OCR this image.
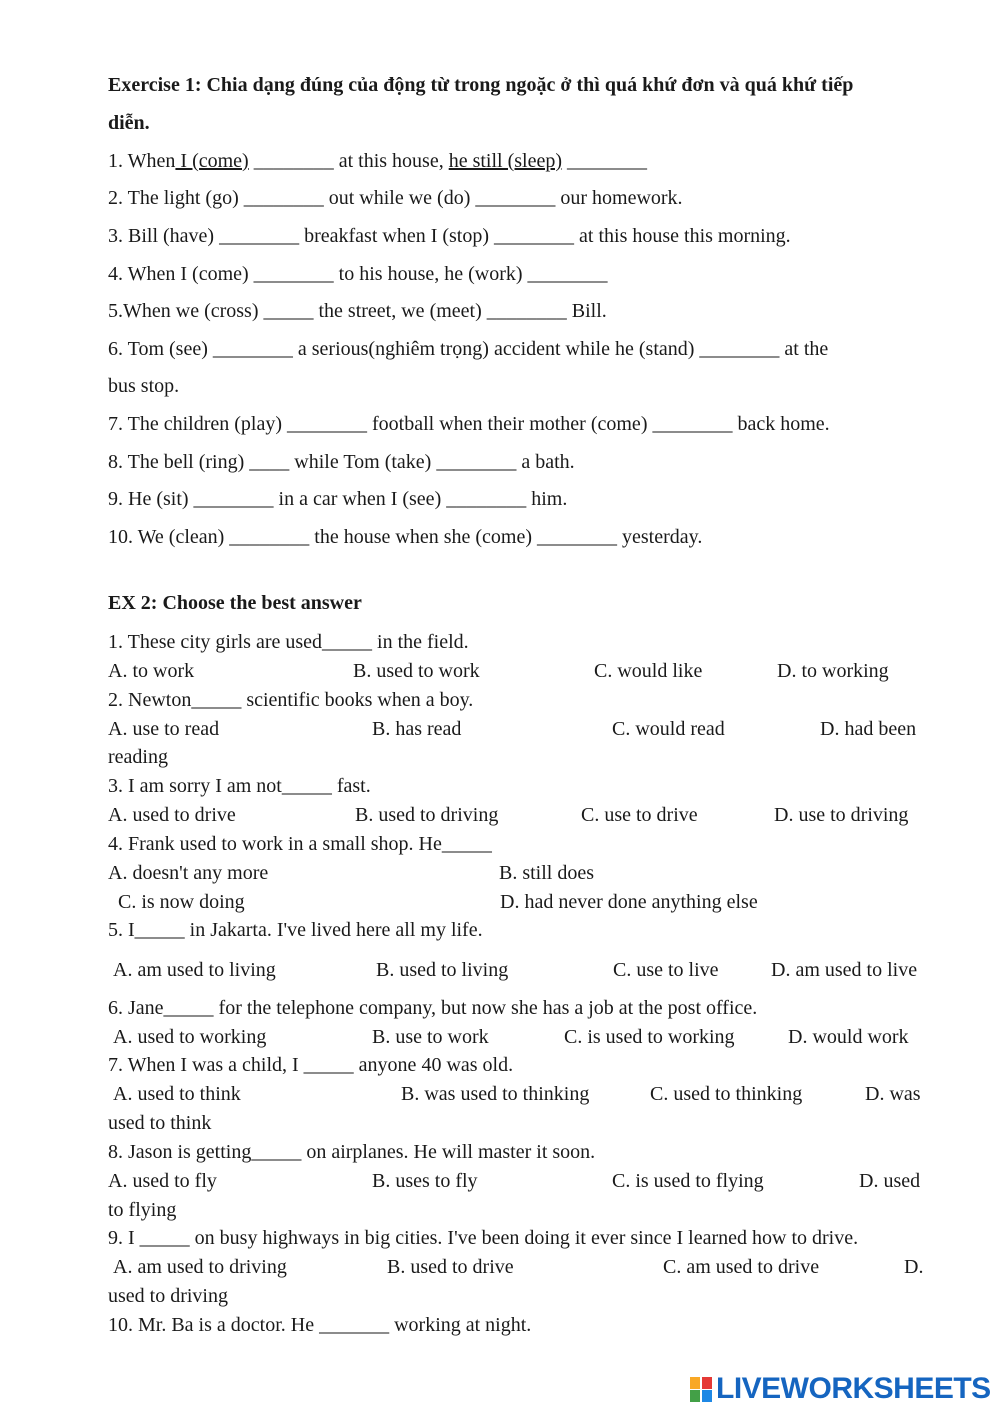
Exercise 1: Chia dạng đúng của động từ trong ngoặc ở thì quá khứ đơn và quá khứ tiếp
diễn.
1. When I (come) ________ at this house, he still (sleep) ________
2. The light (go) ________ out while we (do) ________ our homework.
3. Bill (have) ________ breakfast when I (stop) ________ at this house this morning.
4. When I (come) ________ to his house, he (work) ________
5.When we (cross) _____ the street, we (meet) ________ Bill.
6. Tom (see) ________ a serious(nghiêm trọng) accident while he (stand) ________ at the
bus stop.
7. The children (play) ________ football when their mother (come) ________ back home.
8. The bell (ring) ____ while Tom (take) ________ a bath.
9. He (sit) ________ in a car when I (see) ________ him.
10. We (clean) ________ the house when she (come) ________ yesterday.
EX 2: Choose the best answer
1. These city girls are used_____ in the field.
A. to work	B. used to work	C. would like	D. to working
2. Newton_____ scientific books when a boy.
A. use to read	B. has read	C. would read	D. had been
reading
3. I am sorry I am not_____ fast.
A. used to drive	B. used to driving	C. use to drive	D. use to driving
4. Frank used to work in a small shop. He_____
A. doesn't any more	B. still does
C. is now doing	D. had never done anything else
5. I_____ in Jakarta. I've lived here all my life.
A. am used to living	B. used to living	C. use to live	D. am used to live
6. Jane_____ for the telephone company, but now she has a job at the post office.
A. used to working	B. use to work	C. is used to working	D. would work
7. When I was a child, I _____ anyone 40 was old.
A. used to think	B. was used to thinking	C. used to thinking	D. was
used to think
8. Jason is getting_____ on airplanes. He will master it soon.
A. used to fly	B. uses to fly	C. is used to flying	D. used
to flying
9. I _____ on busy highways in big cities. I've been doing it ever since I learned how to drive.
A. am used to driving	B. used to drive	C. am used to drive	D.
used to driving
10. Mr. Ba is a doctor. He _______ working at night.
LIVEWORKSHEETS
